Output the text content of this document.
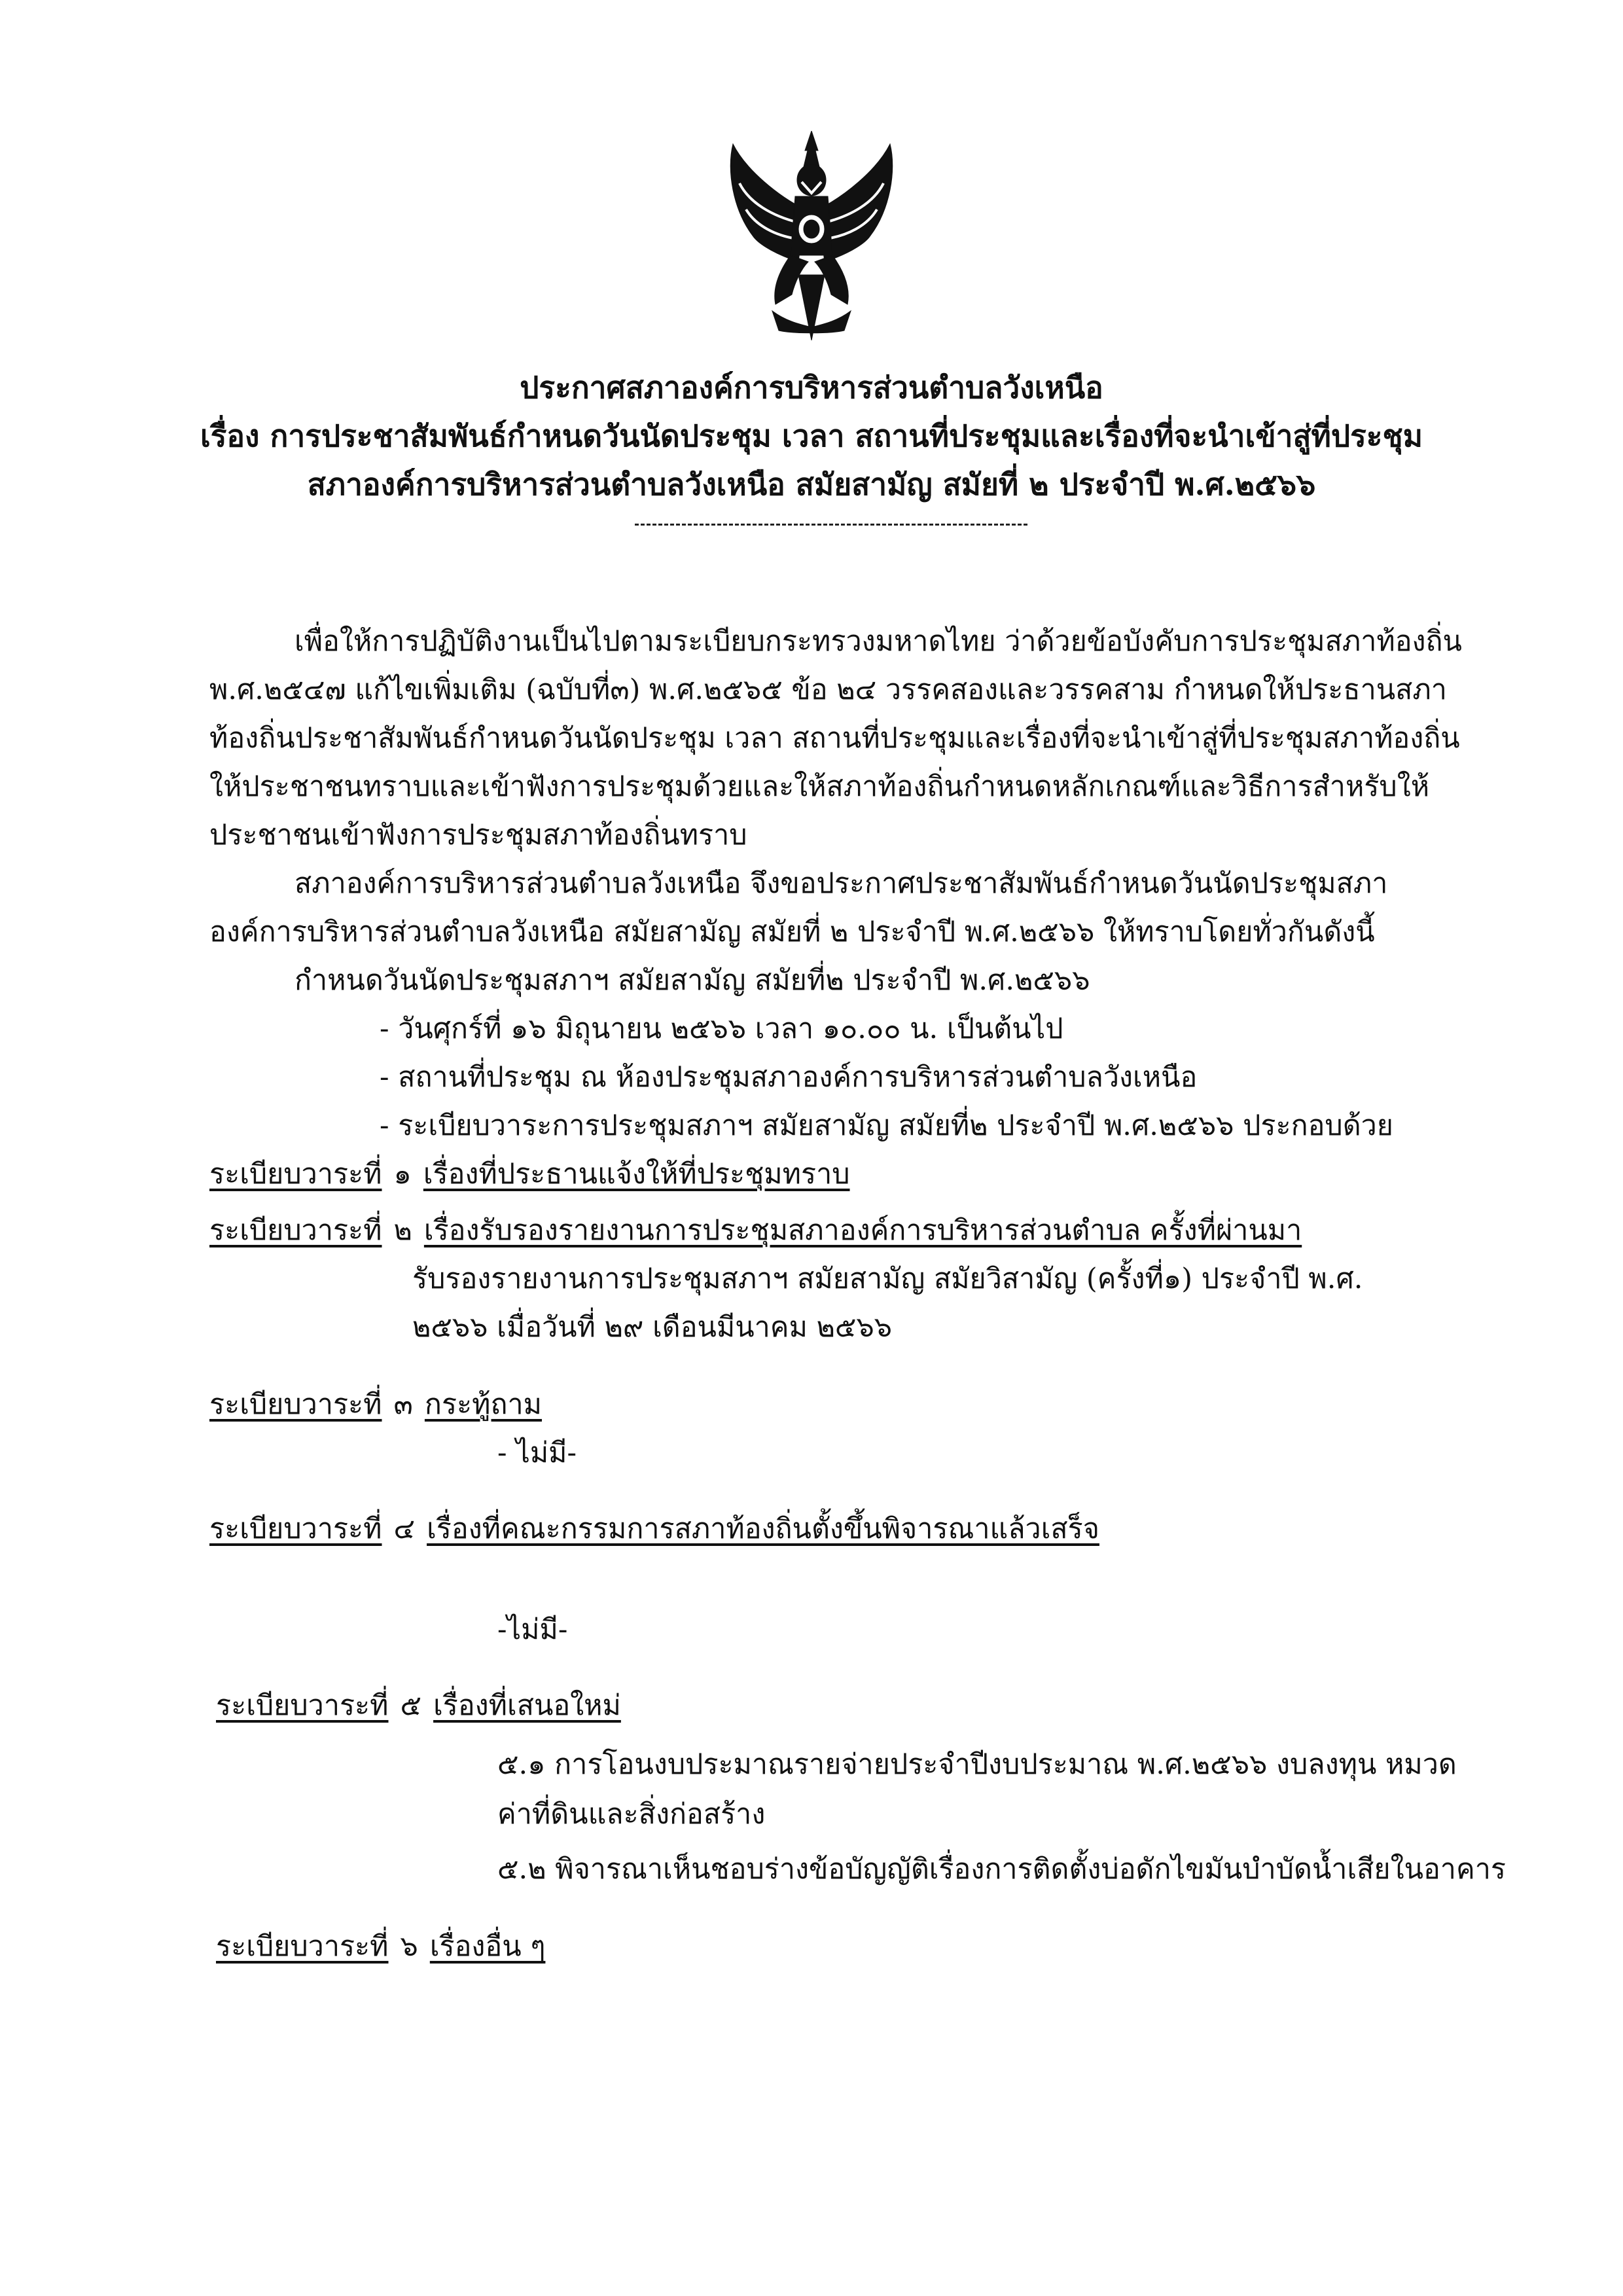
ประกาศสภาองค์การบริหารส่วนตำบลวังเหนือ
เรื่อง การประชาสัมพันธ์กำหนดวันนัดประชุม เวลา สถานที่ประชุมและเรื่องที่จะนำเข้าสู่ที่ประชุม
สภาองค์การบริหารส่วนตำบลวังเหนือ สมัยสามัญ สมัยที่ ๒ ประจำปี พ.ศ.๒๕๖๖
เพื่อให้การปฏิบัติงานเป็นไปตามระเบียบกระทรวงมหาดไทย ว่าด้วยข้อบังคับการประชุมสภาท้องถิ่น
พ.ศ.๒๕๔๗ แก้ไขเพิ่มเติม (ฉบับที่๓) พ.ศ.๒๕๖๕ ข้อ ๒๔ วรรคสองและวรรคสาม กำหนดให้ประธานสภา
ท้องถิ่นประชาสัมพันธ์กำหนดวันนัดประชุม เวลา สถานที่ประชุมและเรื่องที่จะนำเข้าสู่ที่ประชุมสภาท้องถิ่น
ให้ประชาชนทราบและเข้าฟังการประชุมด้วยและให้สภาท้องถิ่นกำหนดหลักเกณฑ์และวิธีการสำหรับให้
ประชาชนเข้าฟังการประชุมสภาท้องถิ่นทราบ
สภาองค์การบริหารส่วนตำบลวังเหนือ จึงขอประกาศประชาสัมพันธ์กำหนดวันนัดประชุมสภา
องค์การบริหารส่วนตำบลวังเหนือ สมัยสามัญ สมัยที่ ๒ ประจำปี พ.ศ.๒๕๖๖ ให้ทราบโดยทั่วกันดังนี้
กำหนดวันนัดประชุมสภาฯ สมัยสามัญ สมัยที่๒ ประจำปี พ.ศ.๒๕๖๖
- วันศุกร์ที่ ๑๖ มิถุนายน ๒๕๖๖ เวลา ๑๐.๐๐ น. เป็นต้นไป
- สถานที่ประชุม ณ ห้องประชุมสภาองค์การบริหารส่วนตำบลวังเหนือ
- ระเบียบวาระการประชุมสภาฯ สมัยสามัญ สมัยที่๒ ประจำปี พ.ศ.๒๕๖๖ ประกอบด้วย
ระเบียบวาระที่ ๑ เรื่องที่ประธานแจ้งให้ที่ประชุมทราบ
ระเบียบวาระที่ ๒ เรื่องรับรองรายงานการประชุมสภาองค์การบริหารส่วนตำบล ครั้งที่ผ่านมา
รับรองรายงานการประชุมสภาฯ สมัยสามัญ สมัยวิสามัญ (ครั้งที่๑) ประจำปี พ.ศ.
๒๕๖๖ เมื่อวันที่ ๒๙ เดือนมีนาคม ๒๕๖๖
ระเบียบวาระที่ ๓ กระทู้ถาม
- ไม่มี-
ระเบียบวาระที่ ๔ เรื่องที่คณะกรรมการสภาท้องถิ่นตั้งขึ้นพิจารณาแล้วเสร็จ
-ไม่มี-
ระเบียบวาระที่ ๕ เรื่องที่เสนอใหม่
๕.๑ การโอนงบประมาณรายจ่ายประจำปีงบประมาณ พ.ศ.๒๕๖๖ งบลงทุน หมวด
ค่าที่ดินและสิ่งก่อสร้าง
๕.๒ พิจารณาเห็นชอบร่างข้อบัญญัติเรื่องการติดตั้งบ่อดักไขมันบำบัดน้ำเสียในอาคาร
ระเบียบวาระที่ ๖ เรื่องอื่น ๆ
